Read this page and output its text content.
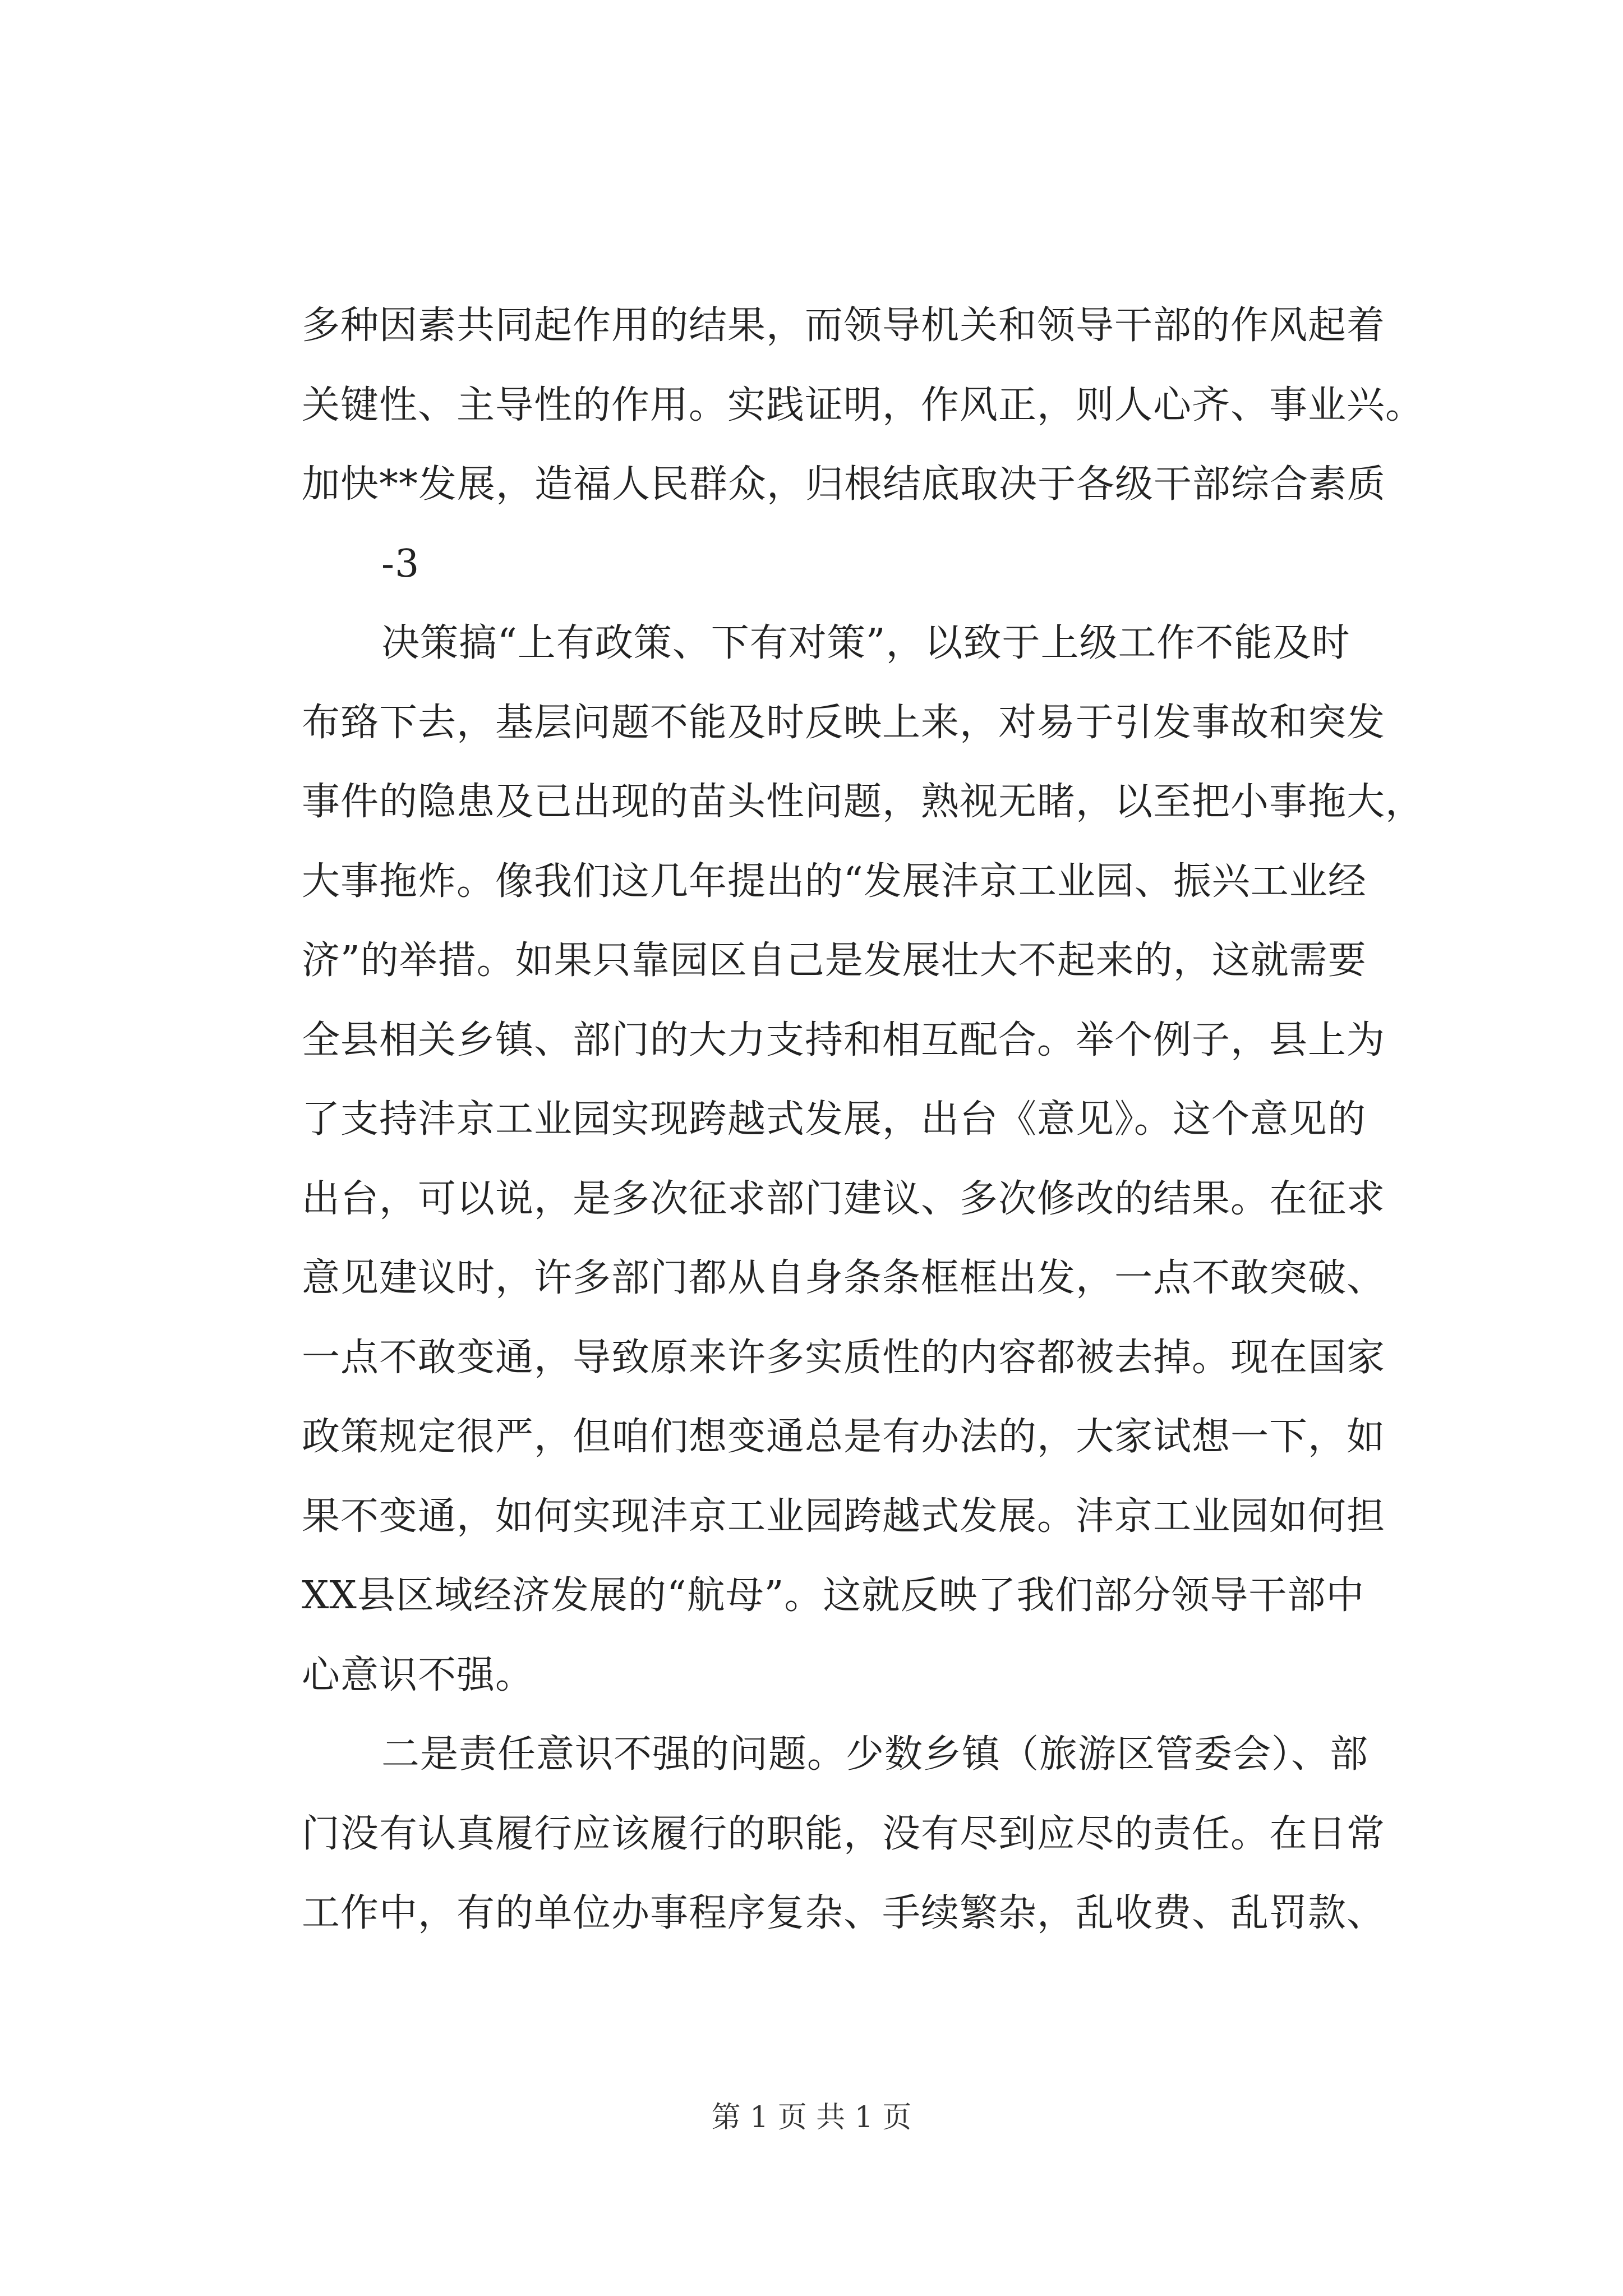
多种因素共同起作用的结果，而领导机关和领导干部的作风起着
关键性、主导性的作用。实践证明，作风正，则人心齐、事业兴。
加快**发展，造福人民群众，归根结底取决于各级干部综合素质
-3
决策搞“上有政策、下有对策”，以致于上级工作不能及时
布臵下去，基层问题不能及时反映上来，对易于引发事故和突发
事件的隐患及已出现的苗头性问题，熟视无睹，以至把小事拖大，
大事拖炸。像我们这几年提出的“发展沣京工业园、振兴工业经
济”的举措。如果只靠园区自己是发展壮大不起来的，这就需要
全县相关乡镇、部门的大力支持和相互配合。举个例子，县上为
了支持沣京工业园实现跨越式发展，出台《意见》。这个意见的
出台，可以说，是多次征求部门建议、多次修改的结果。在征求
意见建议时，许多部门都从自身条条框框出发，一点不敢突破、
一点不敢变通，导致原来许多实质性的内容都被去掉。现在国家
政策规定很严，但咱们想变通总是有办法的，大家试想一下，如
果不变通，如何实现沣京工业园跨越式发展。沣京工业园如何担
XX县区域经济发展的“航母”。这就反映了我们部分领导干部中
心意识不强。
二是责任意识不强的问题。少数乡镇（旅游区管委会）、部
门没有认真履行应该履行的职能，没有尽到应尽的责任。在日常
工作中，有的单位办事程序复杂、手续繁杂，乱收费、乱罚款、
第 1 页 共 1 页
